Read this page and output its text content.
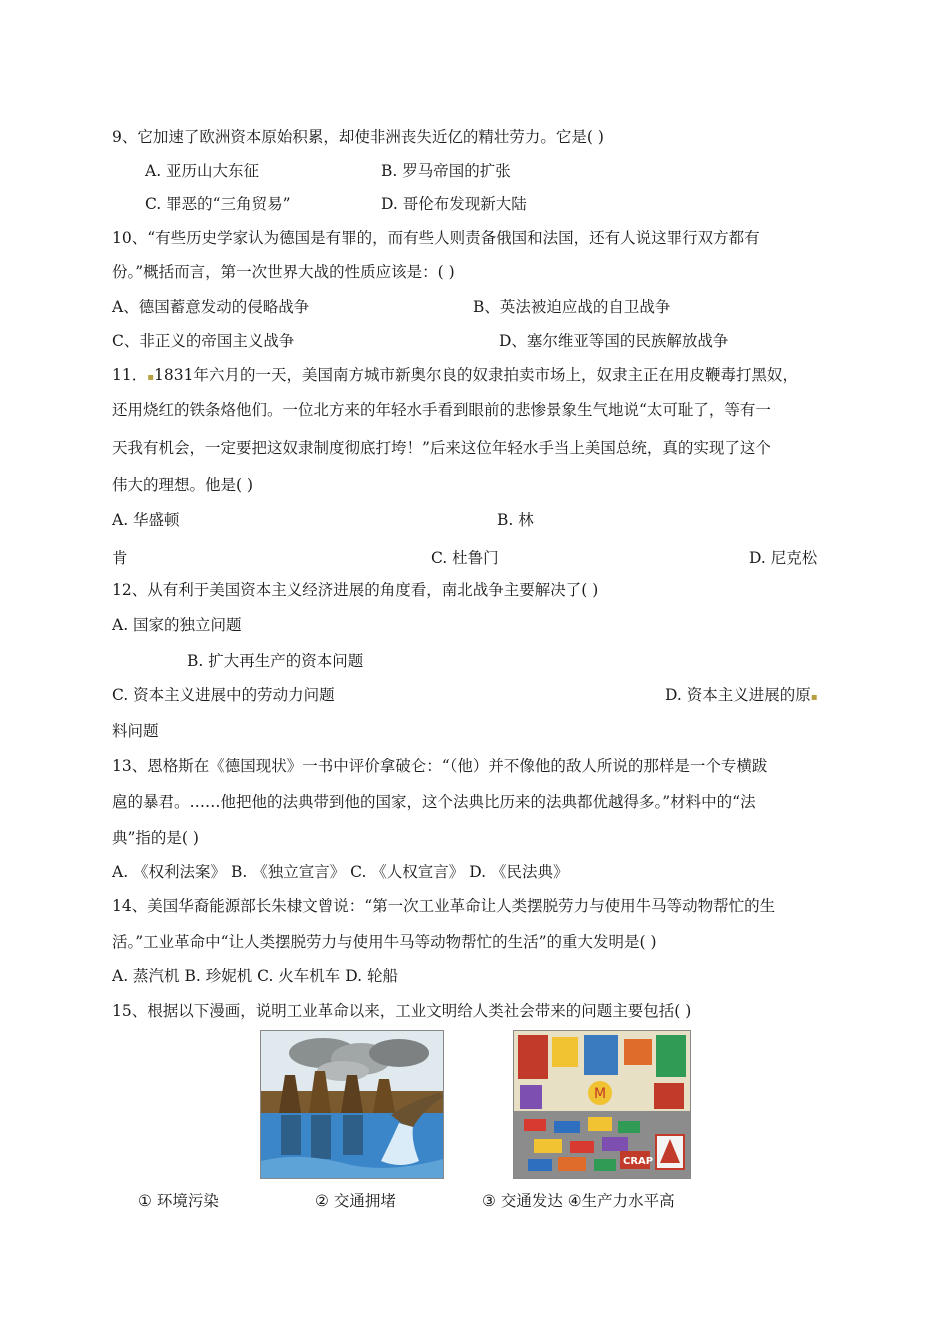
9、它加速了欧洲资本原始积累，却使非洲丧失近亿的精壮劳力。它是( )
A. 亚历山大东征	B. 罗马帝国的扩张
C. 罪恶的“三角贸易”	D. 哥伦布发现新大陆
10、“有些历史学家认为德国是有罪的，而有些人则责备俄国和法国，还有人说这罪行双方都有
份。”概括而言，第一次世界大战的性质应该是：( )
A、德国蓄意发动的侵略战争	B、英法被迫应战的自卫战争
C、非正义的帝国主义战争	D、塞尔维亚等国的民族解放战争
11．▪1831年六月的一天，美国南方城市新奥尔良的奴隶拍卖市场上，奴隶主正在用皮鞭毒打黑奴，
还用烧红的铁条烙他们。一位北方来的年轻水手看到眼前的悲惨景象生气地说“太可耻了，等有一
天我有机会，一定要把这奴隶制度彻底打垮！”后来这位年轻水手当上美国总统，真的实现了这个
伟大的理想。他是( )
A. 华盛顿	B. 林
肯	C. 杜鲁门	D. 尼克松
12、从有利于美国资本主义经济进展的角度看，南北战争主要解决了( )
A. 国家的独立问题
B. 扩大再生产的资本问题
C. 资本主义进展中的劳动力问题	D. 资本主义进展的原▪
料问题
13、恩格斯在《德国现状》一书中评价拿破仑：“（他）并不像他的敌人所说的那样是一个专横跋
扈的暴君。……他把他的法典带到他的国家，这个法典比历来的法典都优越得多。”材料中的“法
典”指的是( )
A. 《权利法案》 B. 《独立宣言》 C. 《人权宣言》 D. 《民法典》
14、美国华裔能源部长朱棣文曾说：“第一次工业革命让人类摆脱劳力与使用牛马等动物帮忙的生
活。”工业革命中“让人类摆脱劳力与使用牛马等动物帮忙的生活”的重大发明是( )
A. 蒸汽机 B. 珍妮机 C. 火车机车 D. 轮船
15、根据以下漫画，说明工业革命以来，工业文明给人类社会带来的问题主要包括( )
M
CRAP
① 环境污染	② 交通拥堵	③ 交通发达 ④生产力水平高
